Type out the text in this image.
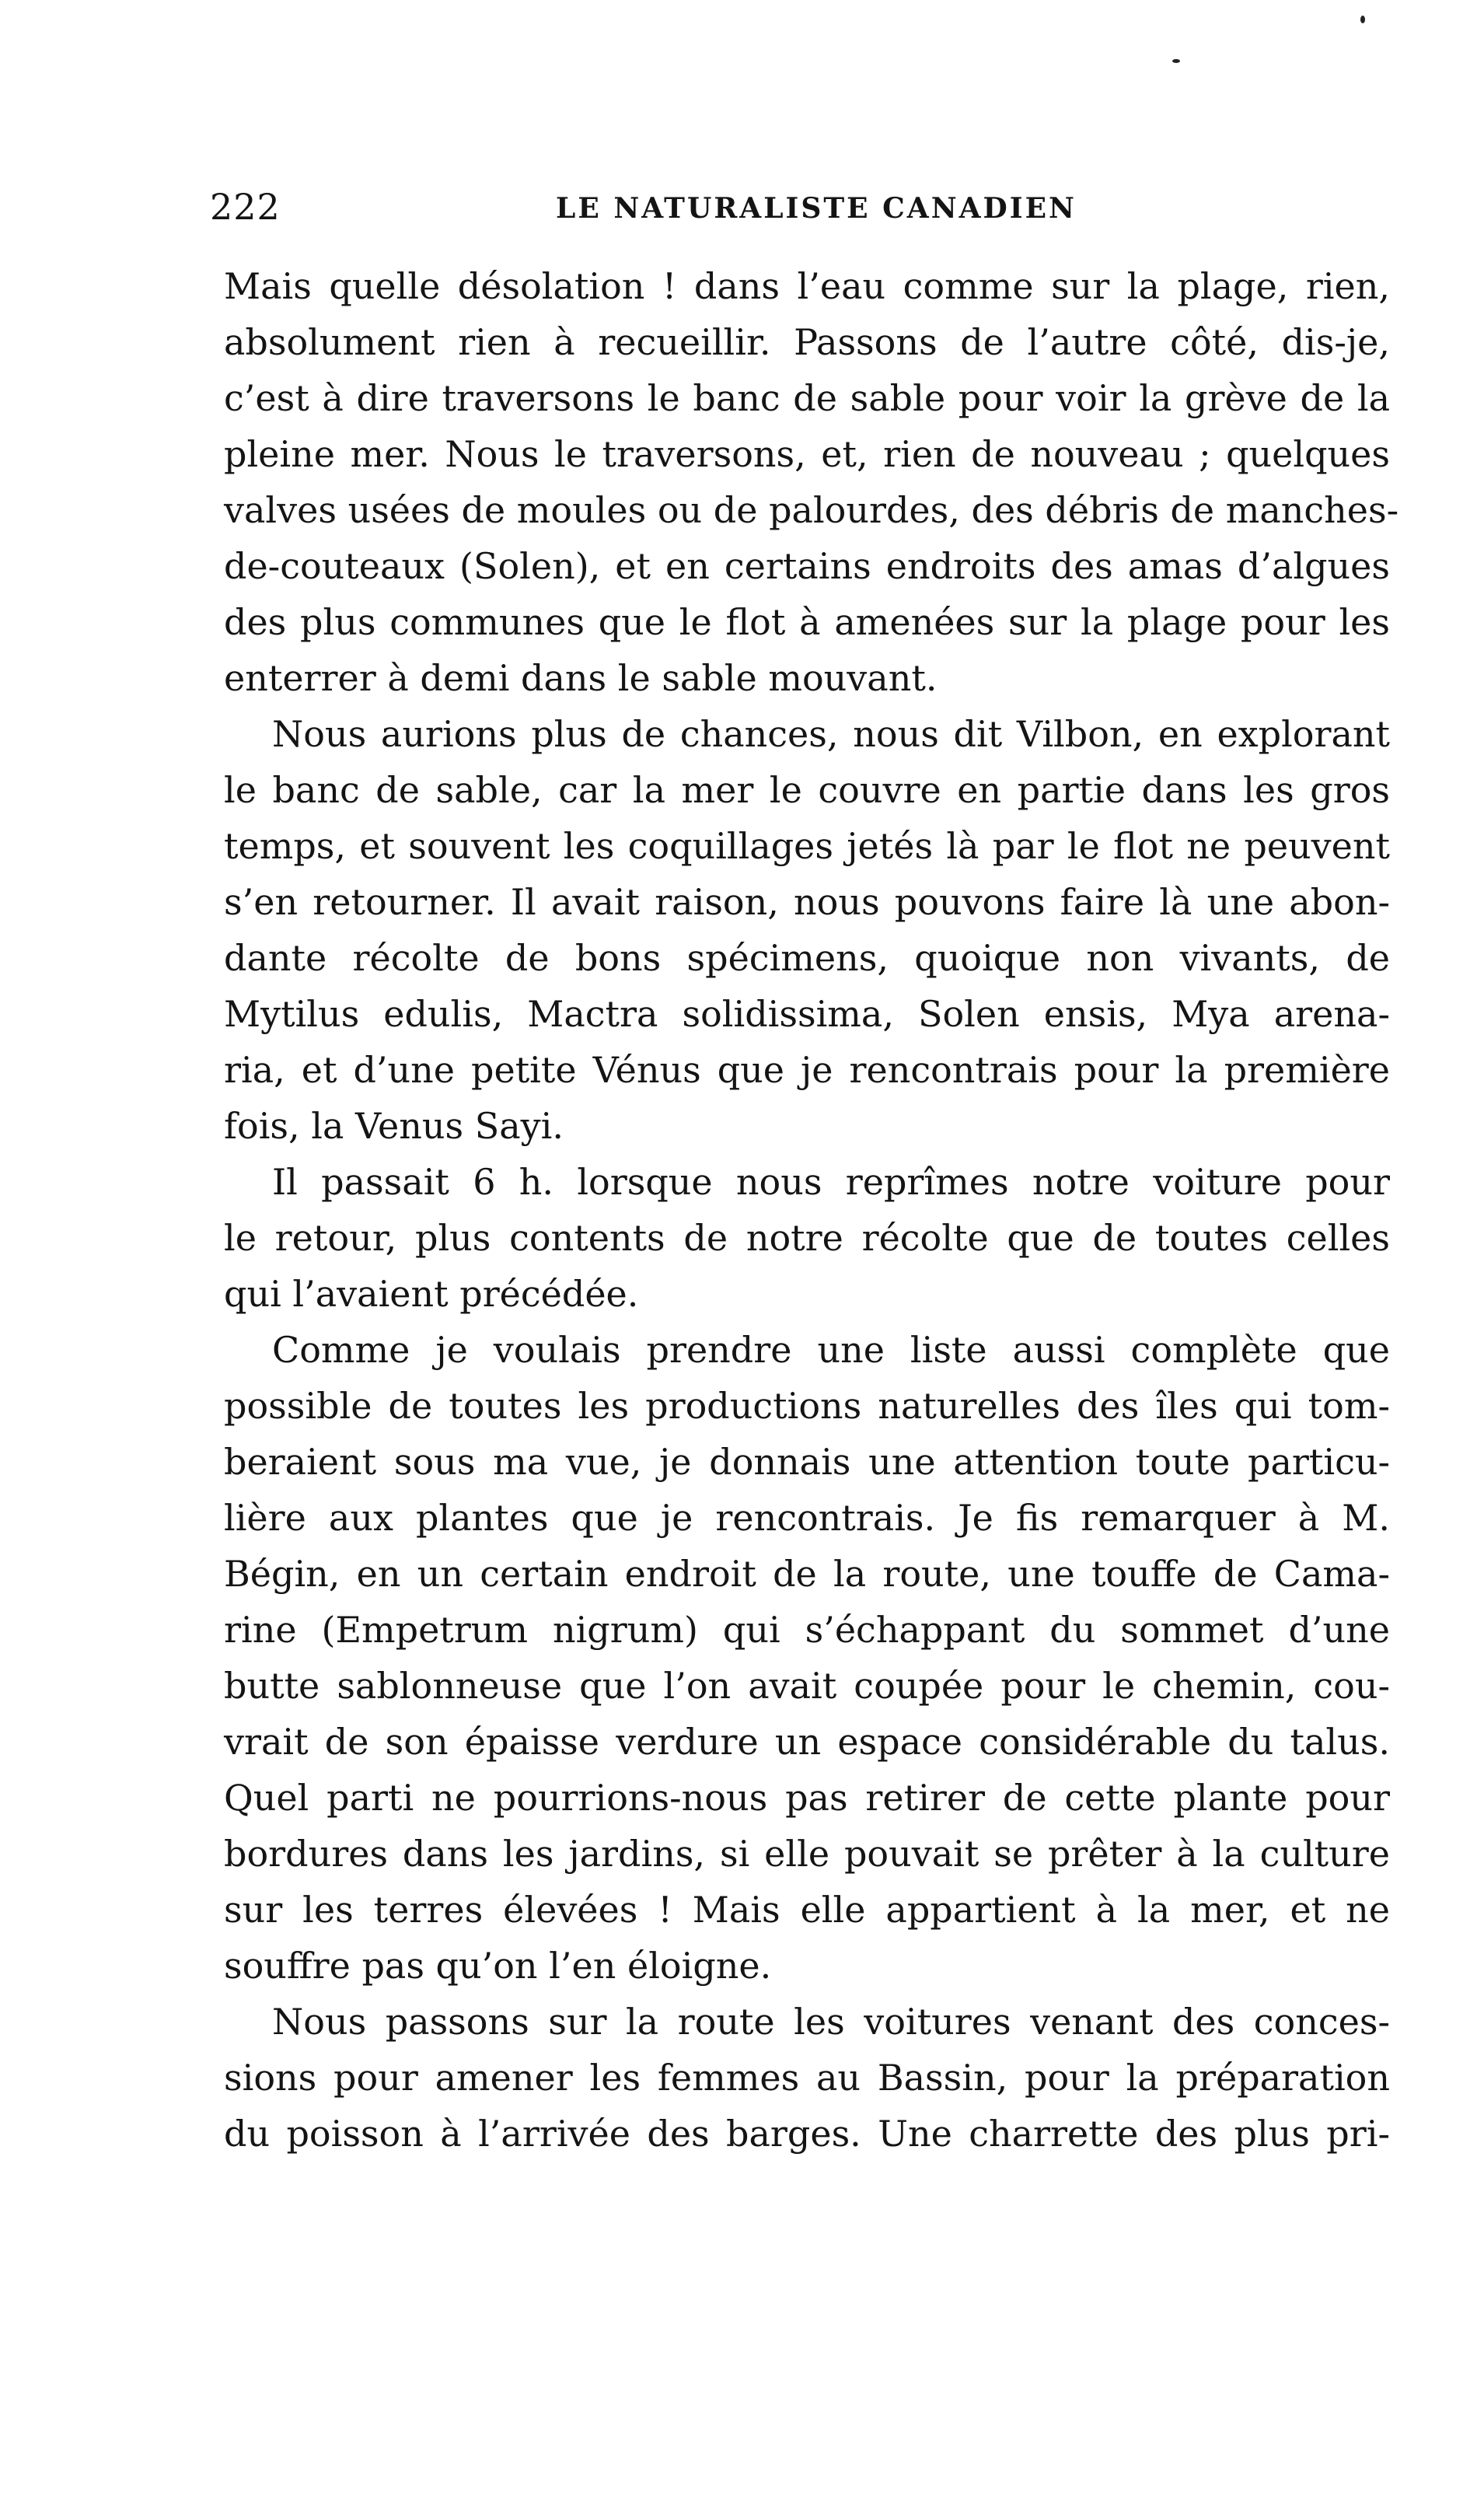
222	LE NATURALISTE CANADIEN
Mais quelle désolation ! dans l’eau comme sur la plage, rien,
absolument rien à recueillir. Passons de l’autre côté, dis-je,
c’est à dire traversons le banc de sable pour voir la grève de la
pleine mer. Nous le traversons, et, rien de nouveau ; quelques
valves usées de moules ou de palourdes, des débris de manches-
de-couteaux (Solen), et en certains endroits des amas d’algues
des plus communes que le flot à amenées sur la plage pour les
enterrer à demi dans le sable mouvant.
Nous aurions plus de chances, nous dit Vilbon, en explorant
le banc de sable, car la mer le couvre en partie dans les gros
temps, et souvent les coquillages jetés là par le flot ne peuvent
s’en retourner. Il avait raison, nous pouvons faire là une abon-
dante récolte de bons spécimens, quoique non vivants, de
Mytilus edulis, Mactra solidissima, Solen ensis, Mya arena-
ria, et d’une petite Vénus que je rencontrais pour la première
fois, la Venus Sayi.
Il passait 6 h. lorsque nous reprîmes notre voiture pour
le retour, plus contents de notre récolte que de toutes celles
qui l’avaient précédée.
Comme je voulais prendre une liste aussi complète que
possible de toutes les productions naturelles des îles qui tom-
beraient sous ma vue, je donnais une attention toute particu-
lière aux plantes que je rencontrais. Je fis remarquer à M.
Bégin, en un certain endroit de la route, une touffe de Cama-
rine (Empetrum nigrum) qui s’échappant du sommet d’une
butte sablonneuse que l’on avait coupée pour le chemin, cou-
vrait de son épaisse verdure un espace considérable du talus.
Quel parti ne pourrions-nous pas retirer de cette plante pour
bordures dans les jardins, si elle pouvait se prêter à la culture
sur les terres élevées ! Mais elle appartient à la mer, et ne
souffre pas qu’on l’en éloigne.
Nous passons sur la route les voitures venant des conces-
sions pour amener les femmes au Bassin, pour la préparation
du poisson à l’arrivée des barges. Une charrette des plus pri-
